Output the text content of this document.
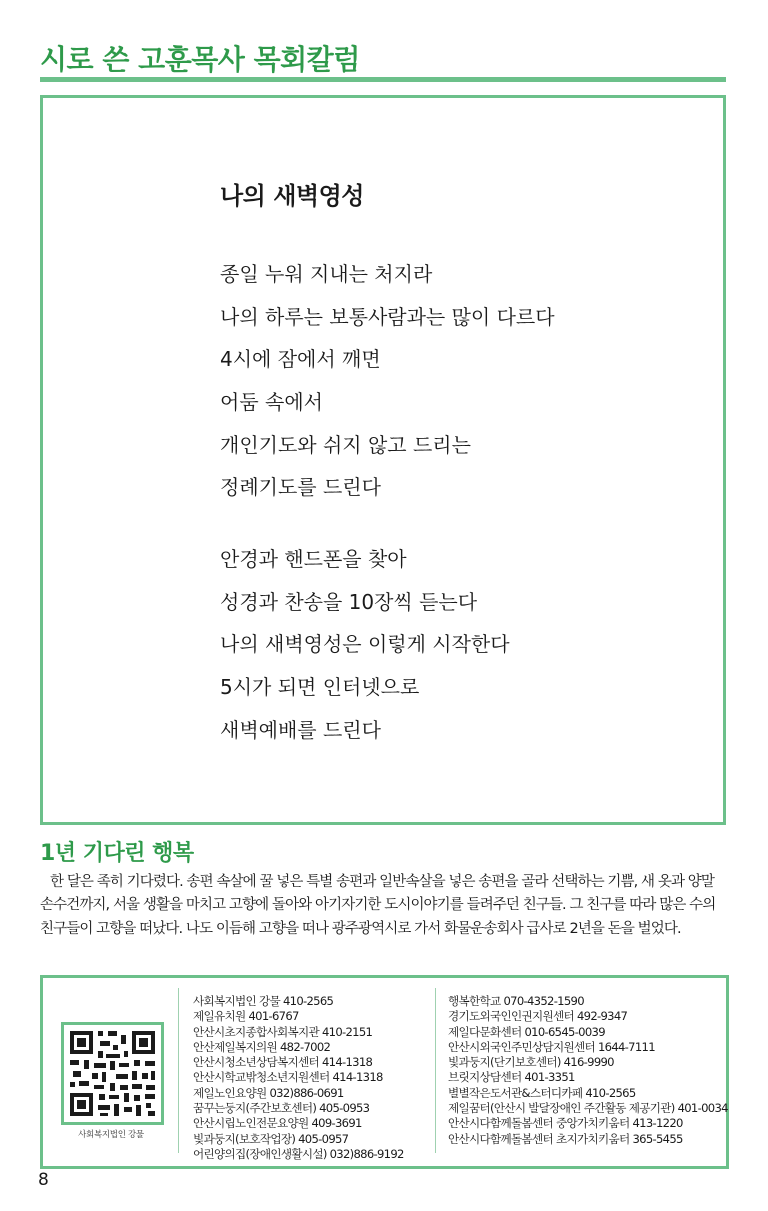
시로 쓴 고훈목사 목회칼럼
나의 새벽영성
종일 누워 지내는 처지라
나의 하루는 보통사람과는 많이 다르다
4시에 잠에서 깨면
어둠 속에서
개인기도와 쉬지 않고 드리는
정례기도를 드린다
안경과 핸드폰을 찾아
성경과 찬송을 10장씩 듣는다
나의 새벽영성은 이렇게 시작한다
5시가 되면 인터넷으로
새벽예배를 드린다
1년 기다린 행복

한 달은 족히 기다렸다. 송편 속살에 꿀 넣은 특별 송편과 일반속살을 넣은 송편을 골라 선택하는 기쁨, 새 옷과 양말 손수건까지, 서울 생활을 마치고 고향에 돌아와 아기자기한 도시이야기를 들려주던 친구들. 그 친구를 따라 많은 수의 친구들이 고향을 떠났다. 나도 이듬해 고향을 떠나 광주광역시로 가서 화물운송회사 급사로 2년을 돈을 벌었다.

사회복지법인 강물
사회복지법인 강물 410-2565
제일유치원 401-6767
안산시초지종합사회복지관 410-2151
안산제일복지의원 482-7002
안산시청소년상담복지센터 414-1318
안산시학교밖청소년지원센터 414-1318
제일노인요양원 032)886-0691
꿈꾸는둥지(주간보호센터) 405-0953
안산시립노인전문요양원 409-3691
빛과둥지(보호작업장) 405-0957
어린양의집(장애인생활시설) 032)886-9192
행복한학교 070-4352-1590
경기도외국인인권지원센터 492-9347
제일다문화센터 010-6545-0039
안산시외국인주민상담지원센터 1644-7111
빛과둥지(단기보호센터) 416-9990
브릿지상담센터 401-3351
별별작은도서관&스터디카페 410-2565
제일꿈터(안산시 발달장애인 주간활동 제공기관) 401-0034
안산시다함께돌봄센터 중앙가치키움터 413-1220
안산시다함께돌봄센터 초지가치키움터 365-5455

8
